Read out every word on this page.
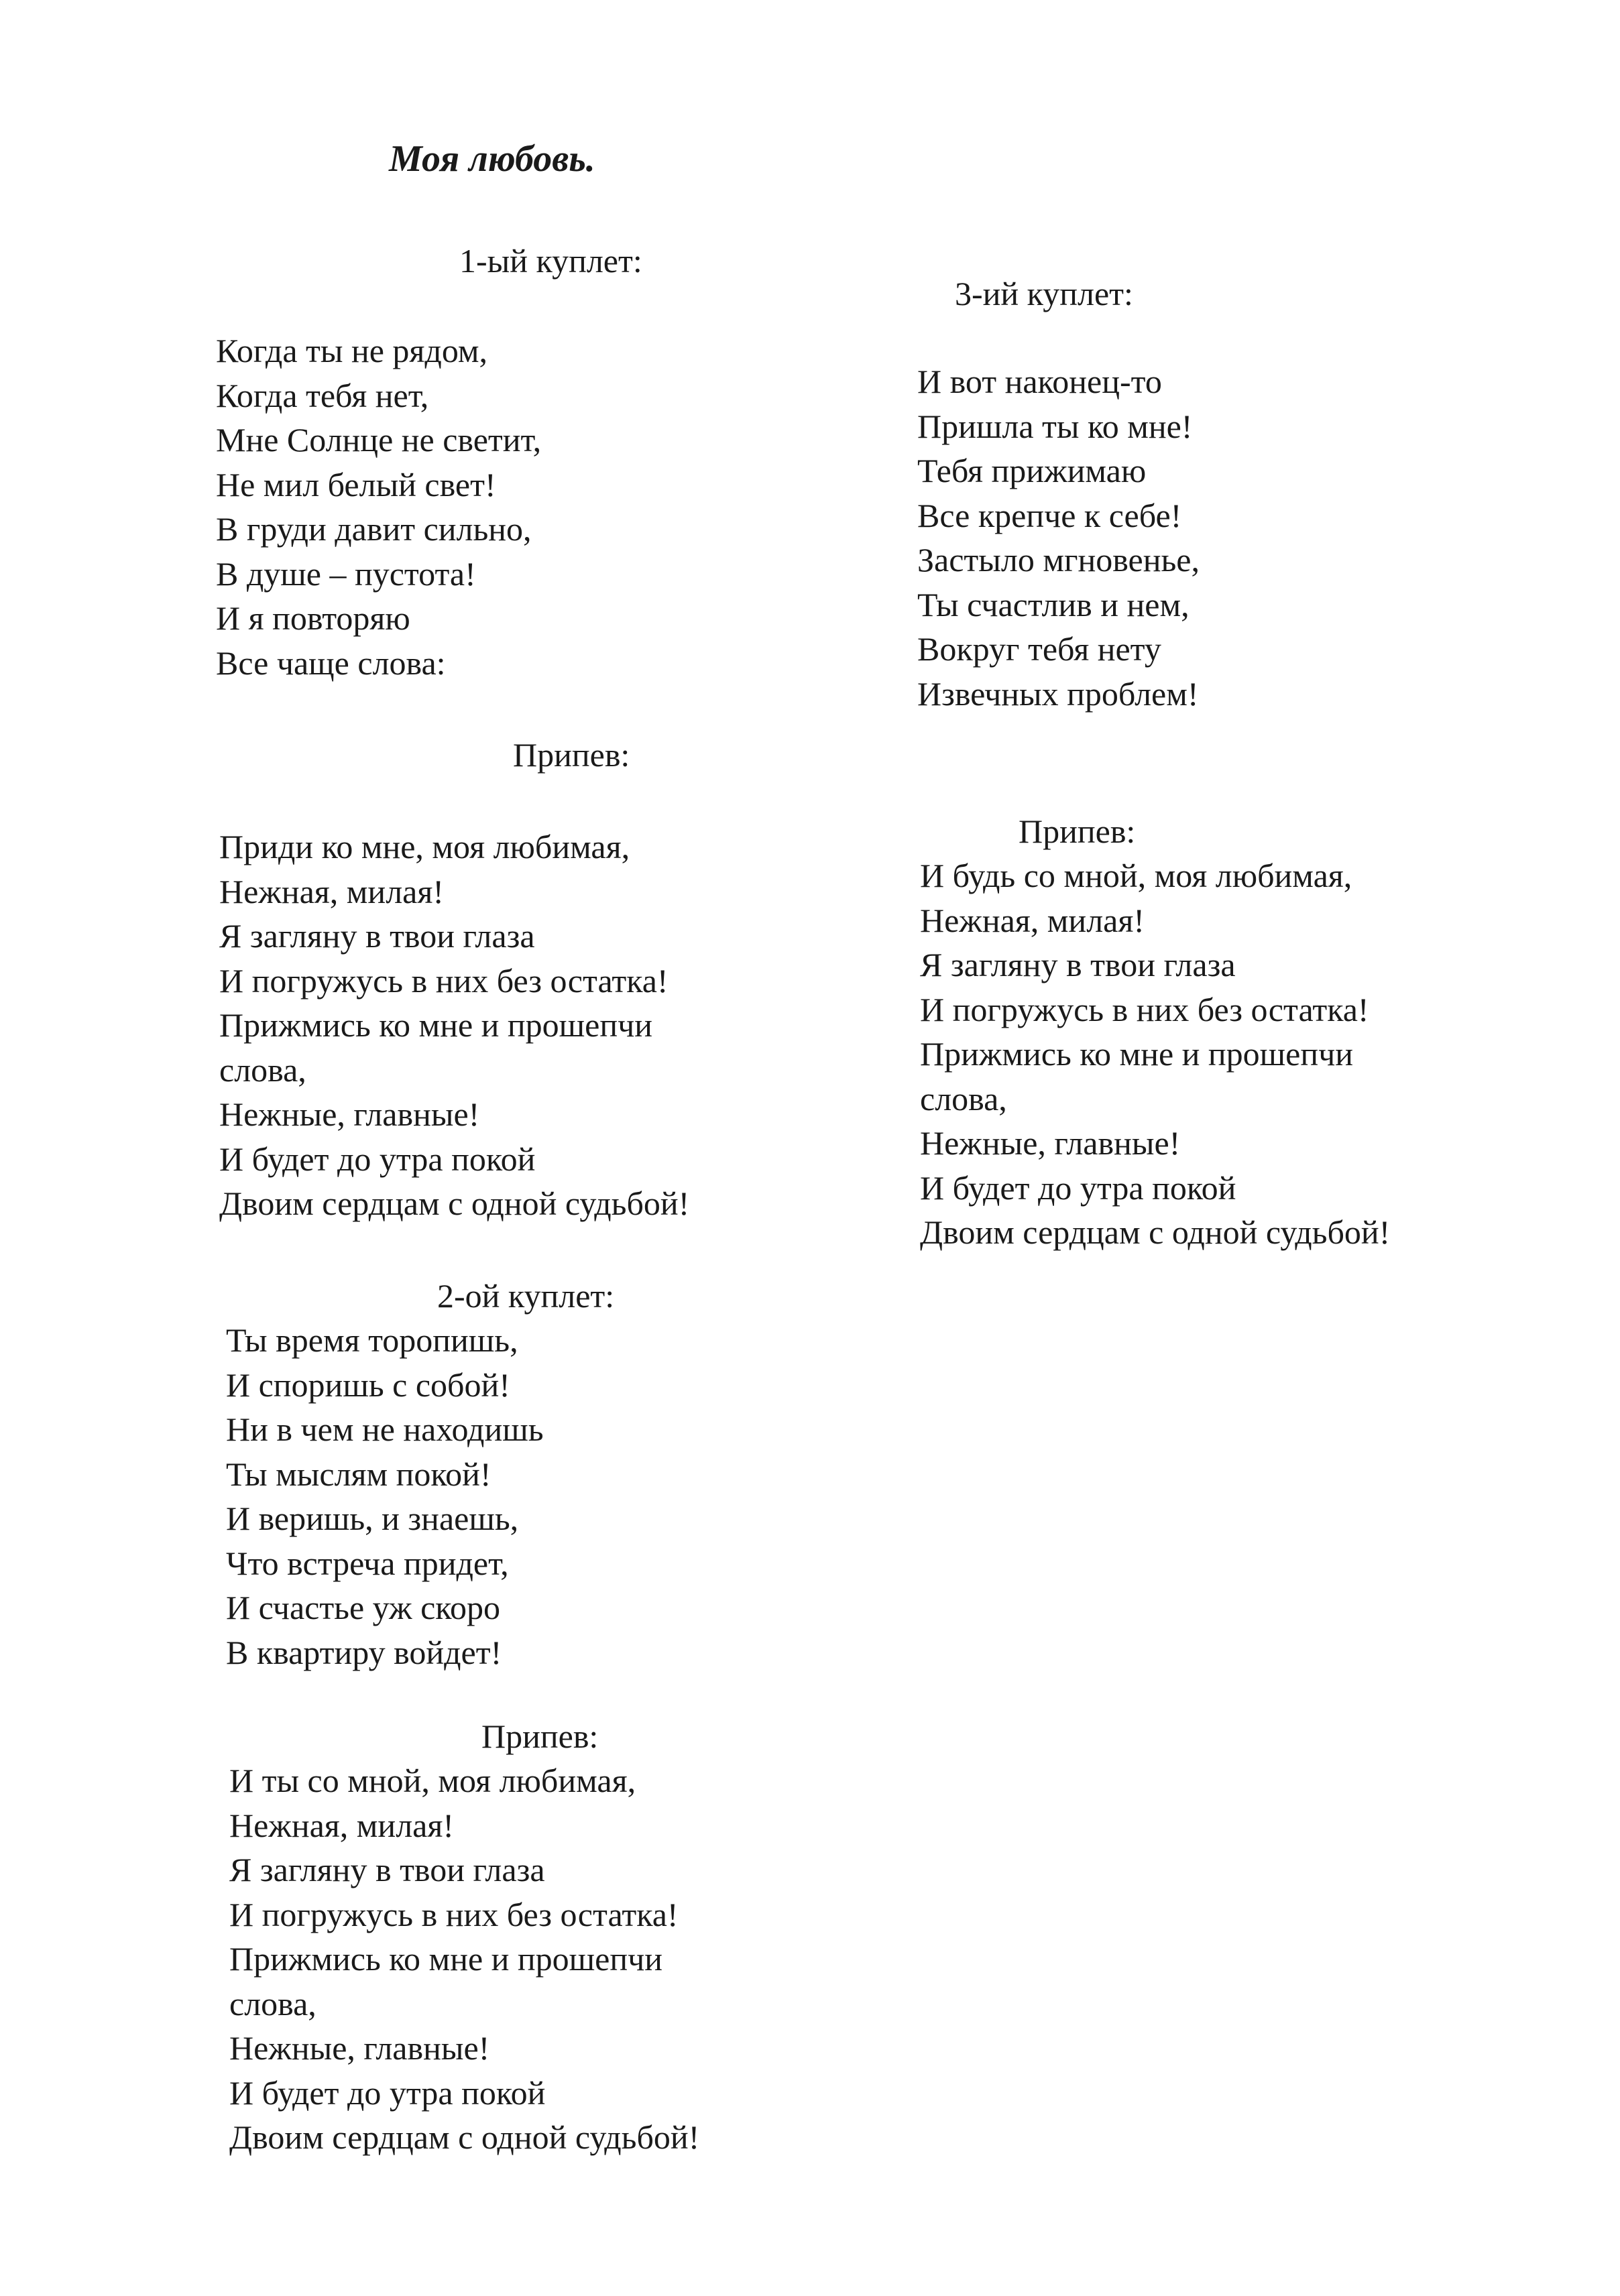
Моя любовь.
1-ый куплет:
Когда ты не рядом,
Когда тебя нет,
Мне Солнце не светит,
Не мил белый свет!
В груди давит сильно,
В душе – пустота!
И я повторяю
Все чаще слова:
Припев:
Приди ко мне, моя любимая,
Нежная, милая!
Я загляну в твои глаза
И погружусь в них без остатка!
Прижмись ко мне и прошепчи
слова,
Нежные, главные!
И будет до утра покой
Двоим сердцам с одной судьбой!
2-ой куплет:
Ты время торопишь,
И споришь с собой!
Ни в чем не находишь
Ты мыслям покой!
И веришь, и знаешь,
Что встреча придет,
И счастье уж скоро
В квартиру войдет!
Припев:
И ты со мной, моя любимая,
Нежная, милая!
Я загляну в твои глаза
И погружусь в них без остатка!
Прижмись ко мне и прошепчи
слова,
Нежные, главные!
И будет до утра покой
Двоим сердцам с одной судьбой!
3-ий куплет:
И вот наконец-то
Пришла ты ко мне!
Тебя прижимаю
Все крепче к себе!
Застыло мгновенье,
Ты счастлив и нем,
Вокруг тебя нету
Извечных проблем!
Припев:
И будь со мной, моя любимая,
Нежная, милая!
Я загляну в твои глаза
И погружусь в них без остатка!
Прижмись ко мне и прошепчи
слова,
Нежные, главные!
И будет до утра покой
Двоим сердцам с одной судьбой!
